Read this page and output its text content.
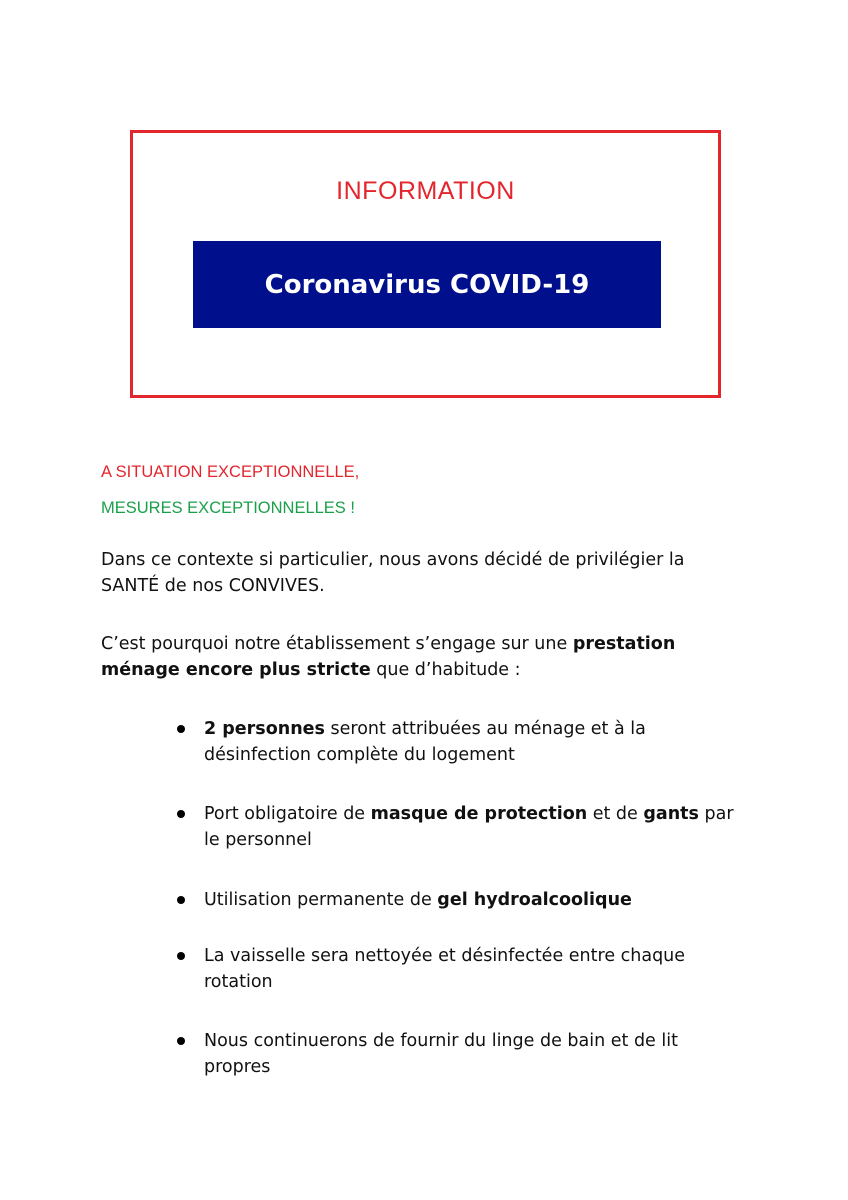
INFORMATION
Coronavirus COVID-19
A SITUATION EXCEPTIONNELLE,
MESURES EXCEPTIONNELLES !
Dans ce contexte si particulier, nous avons décidé de privilégier la
SANTÉ de nos CONVIVES.
C’est pourquoi notre établissement s’engage sur une prestation
ménage encore plus stricte que d’habitude :
2 personnes seront attribuées au ménage et à la
désinfection complète du logement
Port obligatoire de masque de protection et de gants par
le personnel
Utilisation permanente de gel hydroalcoolique
La vaisselle sera nettoyée et désinfectée entre chaque
rotation
Nous continuerons de fournir du linge de bain et de lit
propres
